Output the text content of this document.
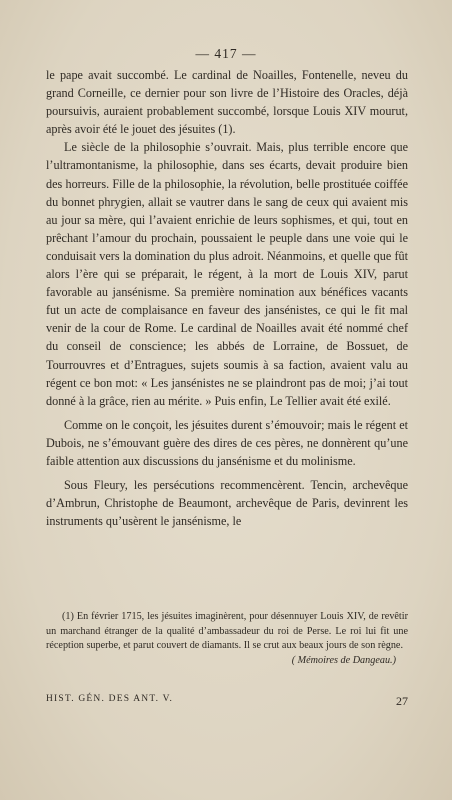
— 417 —

le pape avait succombé. Le cardinal de Noailles, Fontenelle, neveu du grand Corneille, ce dernier pour son livre de l’Histoire des Oracles, déjà poursuivis, auraient probablement succombé, lorsque Louis XIV mourut, après avoir été le jouet des jésuites (1).

Le siècle de la philosophie s’ouvrait. Mais, plus terrible encore que l’ultramontanisme, la philosophie, dans ses écarts, devait produire bien des horreurs. Fille de la philosophie, la révolution, belle prostituée coiffée du bonnet phrygien, allait se vautrer dans le sang de ceux qui avaient mis au jour sa mère, qui l’avaient enrichie de leurs sophismes, et qui, tout en prêchant l’amour du prochain, poussaient le peuple dans une voie qui le conduisait vers la domination du plus adroit. Néanmoins, et quelle que fût alors l’ère qui se préparait, le régent, à la mort de Louis XIV, parut favorable au jansénisme. Sa première nomination aux bénéfices vacants fut un acte de complaisance en faveur des jansénistes, ce qui le fit mal venir de la cour de Rome. Le cardinal de Noailles avait été nommé chef du conseil de conscience; les abbés de Lorraine, de Bossuet, de Tourrouvres et d’Entragues, sujets soumis à sa faction, avaient valu au régent ce bon mot: « Les jansénistes ne se plaindront pas de moi; j’ai tout donné à la grâce, rien au mérite. » Puis enfin, Le Tellier avait été exilé.

Comme on le conçoit, les jésuites durent s’émouvoir; mais le régent et Dubois, ne s’émouvant guère des dires de ces pères, ne donnèrent qu’une faible attention aux discussions du jansénisme et du molinisme.

Sous Fleury, les persécutions recommencèrent. Tencin, archevêque d’Ambrun, Christophe de Beaumont, archevêque de Paris, devinrent les instruments qu’usèrent le jansénisme, le

(1) En février 1715, les jésuites imaginèrent, pour désennuyer Louis XIV, de revêtir un marchand étranger de la qualité d’ambassadeur du roi de Perse. Le roi lui fit une réception superbe, et parut couvert de diamants. Il se crut aux beaux jours de son règne.

( Mémoires de Dangeau.)

HIST. GÉN. DES ANT. V.	27
